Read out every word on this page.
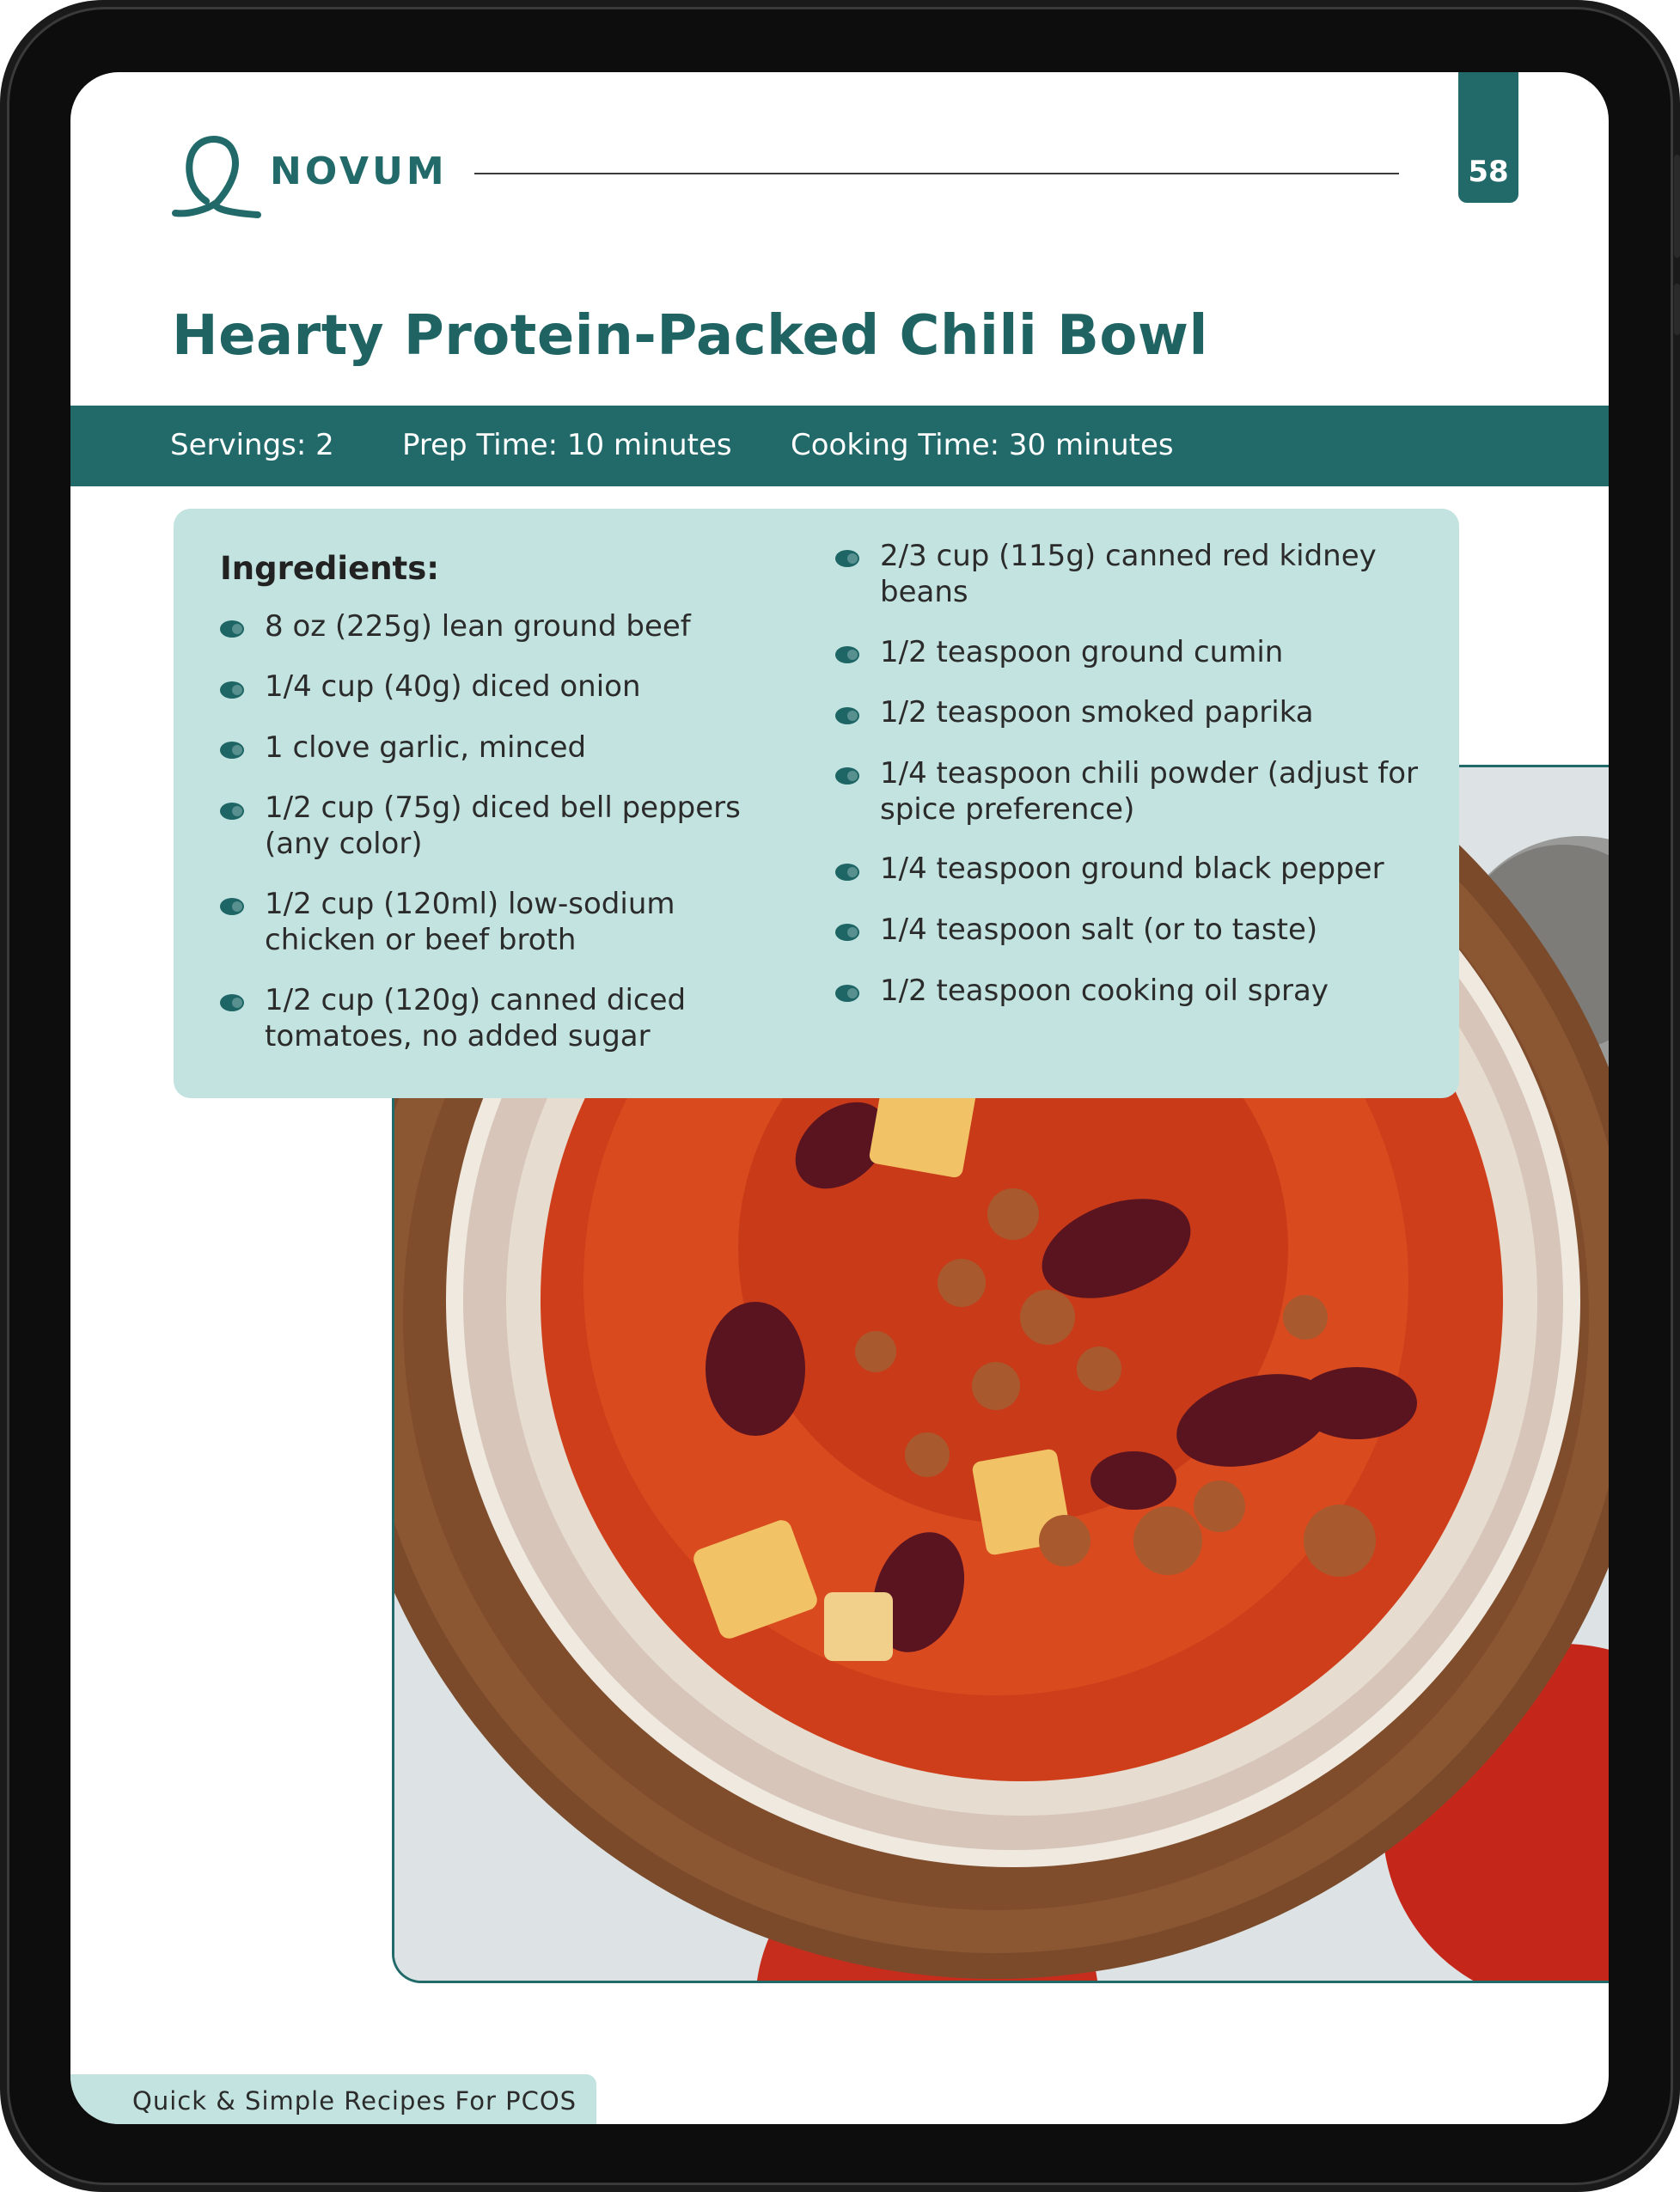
NOVUM	58
Hearty Protein-Packed Chili Bowl
Servings: 2 Prep Time: 10 minutes Cooking Time: 30 minutes
Ingredients:
8 oz (225g) lean ground beef
1/4 cup (40g) diced onion
1 clove garlic, minced
1/2 cup (75g) diced bell peppers
(any color)
1/2 cup (120ml) low-sodium
chicken or beef broth
1/2 cup (120g) canned diced
tomatoes, no added sugar
2/3 cup (115g) canned red kidney
beans
1/2 teaspoon ground cumin
1/2 teaspoon smoked paprika
1/4 teaspoon chili powder (adjust for
spice preference)
1/4 teaspoon ground black pepper
1/4 teaspoon salt (or to taste)
1/2 teaspoon cooking oil spray
Quick & Simple Recipes For PCOS
